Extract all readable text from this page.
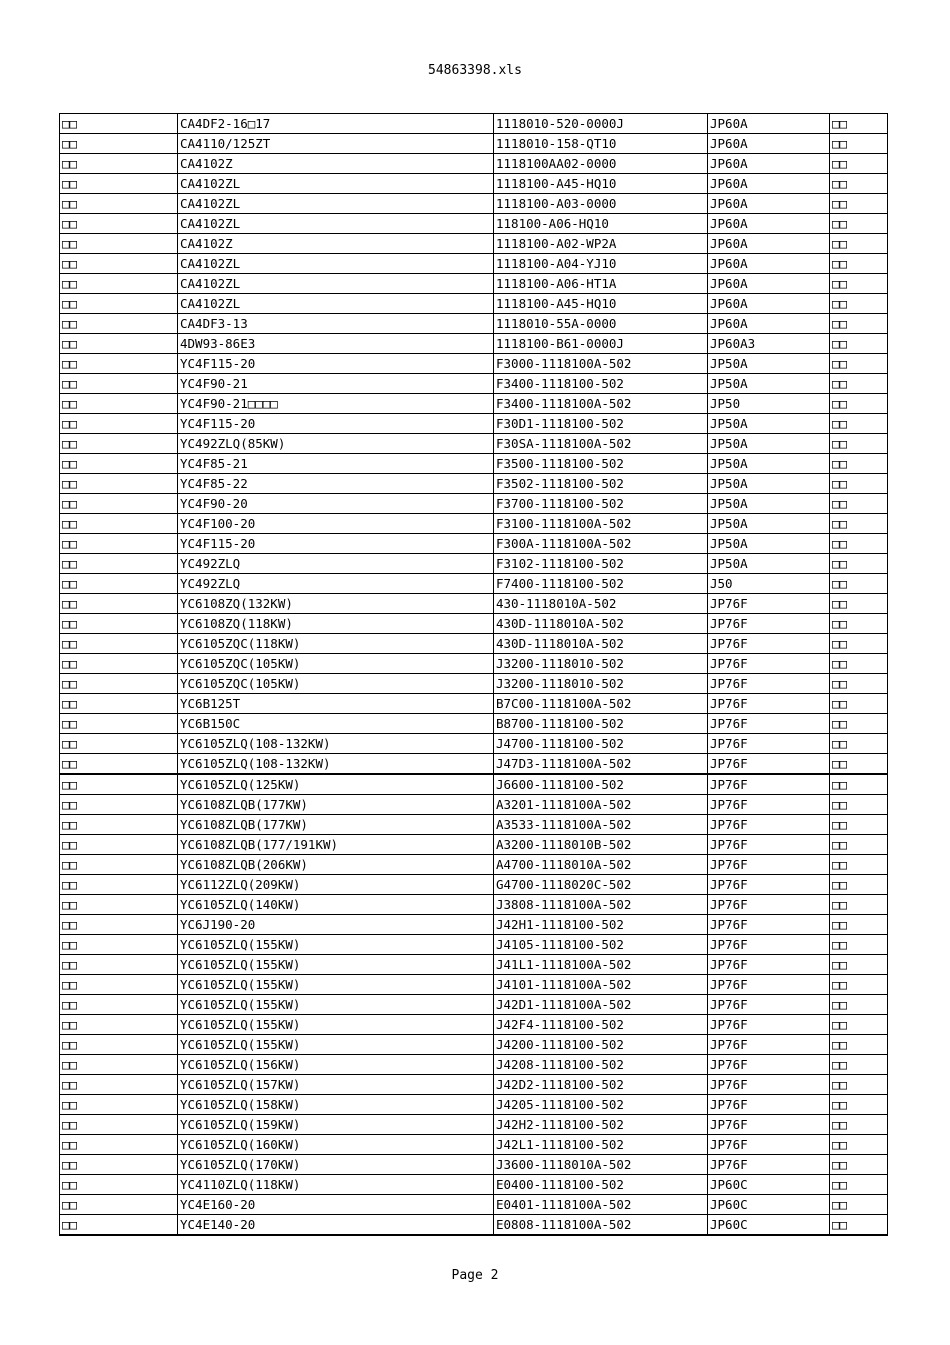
54863398.xls
□□	CA4DF2-16□17	1118010-520-0000J	JP60A	□□
□□	CA4110/125ZT	1118010-158-QT10	JP60A	□□
□□	CA4102Z	1118100AA02-0000	JP60A	□□
□□	CA4102ZL	1118100-A45-HQ10	JP60A	□□
□□	CA4102ZL	1118100-A03-0000	JP60A	□□
□□	CA4102ZL	118100-A06-HQ10	JP60A	□□
□□	CA4102Z	1118100-A02-WP2A	JP60A	□□
□□	CA4102ZL	1118100-A04-YJ10	JP60A	□□
□□	CA4102ZL	1118100-A06-HT1A	JP60A	□□
□□	CA4102ZL	1118100-A45-HQ10	JP60A	□□
□□	CA4DF3-13	1118010-55A-0000	JP60A	□□
□□	4DW93-86E3	1118100-B61-0000J	JP60A3	□□
□□	YC4F115-20	F3000-1118100A-502	JP50A	□□
□□	YC4F90-21	F3400-1118100-502	JP50A	□□
□□	YC4F90-21□□□□	F3400-1118100A-502	JP50	□□
□□	YC4F115-20	F30D1-1118100-502	JP50A	□□
□□	YC492ZLQ(85KW)	F30SA-1118100A-502	JP50A	□□
□□	YC4F85-21	F3500-1118100-502	JP50A	□□
□□	YC4F85-22	F3502-1118100-502	JP50A	□□
□□	YC4F90-20	F3700-1118100-502	JP50A	□□
□□	YC4F100-20	F3100-1118100A-502	JP50A	□□
□□	YC4F115-20	F300A-1118100A-502	JP50A	□□
□□	YC492ZLQ	F3102-1118100-502	JP50A	□□
□□	YC492ZLQ	F7400-1118100-502	J50	□□
□□	YC6108ZQ(132KW)	430-1118010A-502	JP76F	□□
□□	YC6108ZQ(118KW)	430D-1118010A-502	JP76F	□□
□□	YC6105ZQC(118KW)	430D-1118010A-502	JP76F	□□
□□	YC6105ZQC(105KW)	J3200-1118010-502	JP76F	□□
□□	YC6105ZQC(105KW)	J3200-1118010-502	JP76F	□□
□□	YC6B125T	B7C00-1118100A-502	JP76F	□□
□□	YC6B150C	B8700-1118100-502	JP76F	□□
□□	YC6105ZLQ(108-132KW)	J4700-1118100-502	JP76F	□□
□□	YC6105ZLQ(108-132KW)	J47D3-1118100A-502	JP76F	□□
□□	YC6105ZLQ(125KW)	J6600-1118100-502	JP76F	□□
□□	YC6108ZLQB(177KW)	A3201-1118100A-502	JP76F	□□
□□	YC6108ZLQB(177KW)	A3533-1118100A-502	JP76F	□□
□□	YC6108ZLQB(177/191KW)	A3200-1118010B-502	JP76F	□□
□□	YC6108ZLQB(206KW)	A4700-1118010A-502	JP76F	□□
□□	YC6112ZLQ(209KW)	G4700-1118020C-502	JP76F	□□
□□	YC6105ZLQ(140KW)	J3808-1118100A-502	JP76F	□□
□□	YC6J190-20	J42H1-1118100-502	JP76F	□□
□□	YC6105ZLQ(155KW)	J4105-1118100-502	JP76F	□□
□□	YC6105ZLQ(155KW)	J41L1-1118100A-502	JP76F	□□
□□	YC6105ZLQ(155KW)	J4101-1118100A-502	JP76F	□□
□□	YC6105ZLQ(155KW)	J42D1-1118100A-502	JP76F	□□
□□	YC6105ZLQ(155KW)	J42F4-1118100-502	JP76F	□□
□□	YC6105ZLQ(155KW)	J4200-1118100-502	JP76F	□□
□□	YC6105ZLQ(156KW)	J4208-1118100-502	JP76F	□□
□□	YC6105ZLQ(157KW)	J42D2-1118100-502	JP76F	□□
□□	YC6105ZLQ(158KW)	J4205-1118100-502	JP76F	□□
□□	YC6105ZLQ(159KW)	J42H2-1118100-502	JP76F	□□
□□	YC6105ZLQ(160KW)	J42L1-1118100-502	JP76F	□□
□□	YC6105ZLQ(170KW)	J3600-1118010A-502	JP76F	□□
□□	YC4110ZLQ(118KW)	E0400-1118100-502	JP60C	□□
□□	YC4E160-20	E0401-1118100A-502	JP60C	□□
□□	YC4E140-20	E0808-1118100A-502	JP60C	□□
Page 2
